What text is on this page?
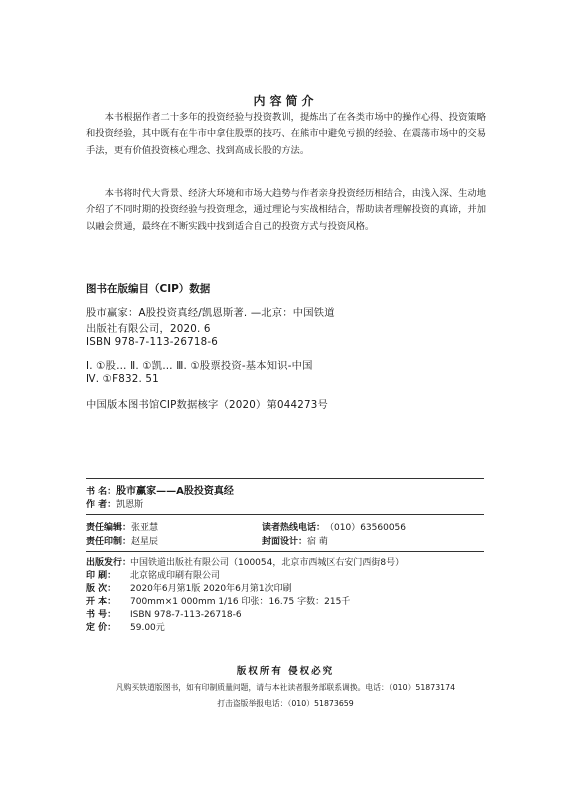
内容简介

本书根据作者二十多年的投资经验与投资教训，提炼出了在各类市场中的操作心得、投资策略和投资经验，其中既有在牛市中拿住股票的技巧、在熊市中避免亏损的经验、在震荡市场中的交易手法，更有价值投资核心理念、找到高成长股的方法。

本书将时代大背景、经济大环境和市场大趋势与作者亲身投资经历相结合，由浅入深、生动地介绍了不同时期的投资经验与投资理念，通过理论与实战相结合，帮助读者理解投资的真谛，并加以融会贯通，最终在不断实践中找到适合自己的投资方式与投资风格。

图书在版编目（CIP）数据
股市赢家：A股投资真经/凯恩斯著. —北京：中国铁道
出版社有限公司，2020. 6
ISBN 978-7-113-26718-6
Ⅰ. ①股… Ⅱ. ①凯… Ⅲ. ①股票投资-基本知识-中国
Ⅳ. ①F832. 51
中国版本图书馆CIP数据核字（2020）第044273号
书 名：股市赢家——A股投资真经
作 者：凯恩斯
责任编辑：张亚慧
责任印制：赵星辰
读者热线电话：（010）63560056
封面设计：宿 萌
出版发行：中国铁道出版社有限公司（100054，北京市西城区右安门西街8号）
印 刷： 北京铭成印刷有限公司
版 次： 2020年6月第1版 2020年6月第1次印刷
开 本： 700mm×1 000mm 1/16 印张：16.75 字数：215千
书 号： ISBN 978-7-113-26718-6
定 价： 59.00元
版权所有 侵权必究
凡购买铁道版图书，如有印制质量问题，请与本社读者服务部联系调换。电话：（010）51873174
打击盗版举报电话：（010）51873659
